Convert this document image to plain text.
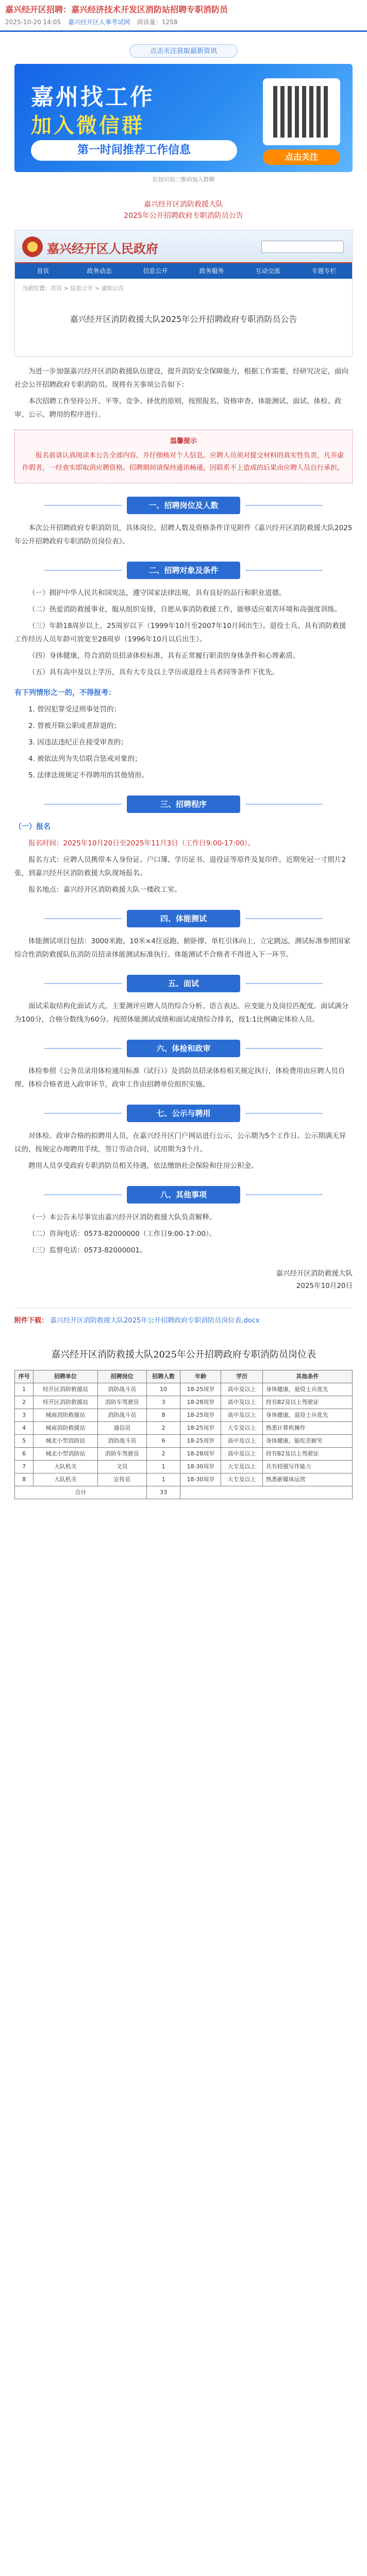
嘉兴经开区招聘：嘉兴经济技术开发区消防站招聘专职消防员
2025-10-20 14:05 嘉兴经开区人事考试网 阅读量：1258
点击关注获取最新资讯
嘉州找工作
加入微信群
第一时间推荐工作信息
点击关注
长按识别二维码加入群聊
嘉兴经开区消防救援大队
2025年公开招聘政府专职消防员公告
嘉兴经开区人民政府
首页	政务动态	信息公开	政务服务	互动交流	专题专栏
当前位置：首页 > 信息公开 > 通知公告
嘉兴经开区消防救援大队2025年公开招聘政府专职消防员公告

为进一步加强嘉兴经开区消防救援队伍建设，提升消防安全保障能力，根据工作需要，经研究决定，面向社会公开招聘政府专职消防员。现将有关事项公告如下：

本次招聘工作坚持公开、平等、竞争、择优的原则，按照报名、资格审查、体能测试、面试、体检、政审、公示、聘用的程序进行。

温馨提示

报名前请认真阅读本公告全部内容，并仔细核对个人信息。应聘人员须对提交材料的真实性负责，凡弄虚作假者，一经查实即取消应聘资格。招聘期间请保持通讯畅通，因联系不上造成的后果由应聘人员自行承担。

一、招聘岗位及人数

本次公开招聘政府专职消防员，具体岗位、招聘人数及资格条件详见附件《嘉兴经开区消防救援大队2025年公开招聘政府专职消防员岗位表》。

二、招聘对象及条件

（一）拥护中华人民共和国宪法，遵守国家法律法规，具有良好的品行和职业道德。

（二）热爱消防救援事业，服从组织安排，自愿从事消防救援工作，能够适应艰苦环境和高强度训练。

（三）年龄18周岁以上，25周岁以下（1999年10月至2007年10月间出生）。退役士兵、具有消防救援工作经历人员年龄可放宽至28周岁（1996年10月以后出生）。

（四）身体健康，符合消防员招录体检标准，具有正常履行职责的身体条件和心理素质。

（五）具有高中及以上学历，具有大专及以上学历或退役士兵者同等条件下优先。

有下列情形之一的，不得报考：

1. 曾因犯罪受过刑事处罚的；

2. 曾被开除公职或者辞退的；

3. 因违法违纪正在接受审查的；

4. 被依法列为失信联合惩戒对象的；

5. 法律法规规定不得聘用的其他情形。

三、招聘程序
（一）报名

报名时间：2025年10月20日至2025年11月3日（工作日9:00-17:00）。

报名方式：应聘人员携带本人身份证、户口簿、学历证书、退役证等原件及复印件，近期免冠一寸照片2张，到嘉兴经开区消防救援大队现场报名。

报名地点：嘉兴经开区消防救援大队一楼政工室。

四、体能测试

体能测试项目包括：3000米跑、10米×4往返跑、俯卧撑、单杠引体向上、立定跳远，测试标准参照国家综合性消防救援队伍消防员招录体能测试标准执行。体能测试不合格者不得进入下一环节。

五、面试

面试采取结构化面试方式，主要测评应聘人员的综合分析、语言表达、应变能力及岗位匹配度。面试满分为100分，合格分数线为60分。按照体能测试成绩和面试成绩综合排名，按1:1比例确定体检人员。

六、体检和政审

体检参照《公务员录用体检通用标准（试行）》及消防员招录体检相关规定执行，体检费用由应聘人员自理。体检合格者进入政审环节，政审工作由招聘单位组织实施。

七、公示与聘用

对体检、政审合格的拟聘用人员，在嘉兴经开区门户网站进行公示，公示期为5个工作日。公示期满无异议的，按规定办理聘用手续，签订劳动合同，试用期为3个月。

聘用人员享受政府专职消防员相关待遇，依法缴纳社会保险和住房公积金。

八、其他事项

（一）本公告未尽事宜由嘉兴经开区消防救援大队负责解释。

（二）咨询电话：0573-82000000（工作日9:00-17:00）。

（三）监督电话：0573-82000001。

嘉兴经开区消防救援大队
2025年10月20日
附件下载： 嘉兴经开区消防救援大队2025年公开招聘政府专职消防员岗位表.docx
嘉兴经开区消防救援大队2025年公开招聘政府专职消防员岗位表
序号	招聘单位	招聘岗位	招聘人数	年龄	学历	其他条件
1	经开区消防救援站	消防战斗员	10	18-25周岁	高中及以上	身体健康，退役士兵优先
2	经开区消防救援站	消防车驾驶员	3	18-28周岁	高中及以上	持有B2及以上驾驶证
3	城南消防救援站	消防战斗员	8	18-25周岁	高中及以上	身体健康，退役士兵优先
4	城南消防救援站	通信员	2	18-25周岁	大专及以上	熟悉计算机操作
5	城北小型消防站	消防战斗员	6	18-25周岁	高中及以上	身体健康，能吃苦耐劳
6	城北小型消防站	消防车驾驶员	2	18-28周岁	高中及以上	持有B2及以上驾驶证
7	大队机关	文员	1	18-30周岁	大专及以上	具有较强写作能力
8	大队机关	宣传员	1	18-30周岁	大专及以上	熟悉新媒体运营
合计			33			
